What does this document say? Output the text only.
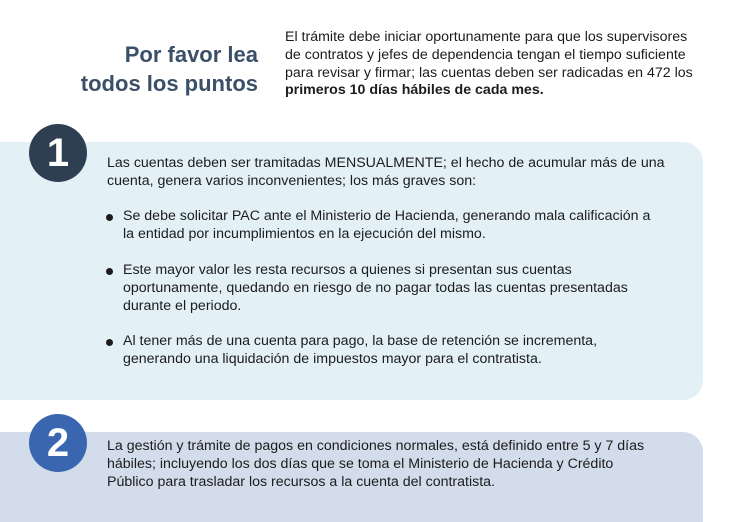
Por favor lea
todos los puntos
El trámite debe iniciar oportunamente para que los supervisores de contratos y jefes de dependencia tengan el tiempo suficiente para revisar y firmar; las cuentas deben ser radicadas en 472 los primeros 10 días hábiles de cada mes.
1	Las cuentas deben ser tramitadas MENSUALMENTE; el hecho de acumular más de una cuenta, genera varios inconvenientes; los más graves son:
Se debe solicitar PAC ante el Ministerio de Hacienda, generando mala calificación a la entidad por incumplimientos en la ejecución del mismo.
Este mayor valor les resta recursos a quienes si presentan sus cuentas oportunamente, quedando en riesgo de no pagar todas las cuentas presentadas durante el periodo.
Al tener más de una cuenta para pago, la base de retención se incrementa, generando una liquidación de impuestos mayor para el contratista.
2	La gestión y trámite de pagos en condiciones normales, está definido entre 5 y 7 días hábiles; incluyendo los dos días que se toma el Ministerio de Hacienda y Crédito Público para trasladar los recursos a la cuenta del contratista.
